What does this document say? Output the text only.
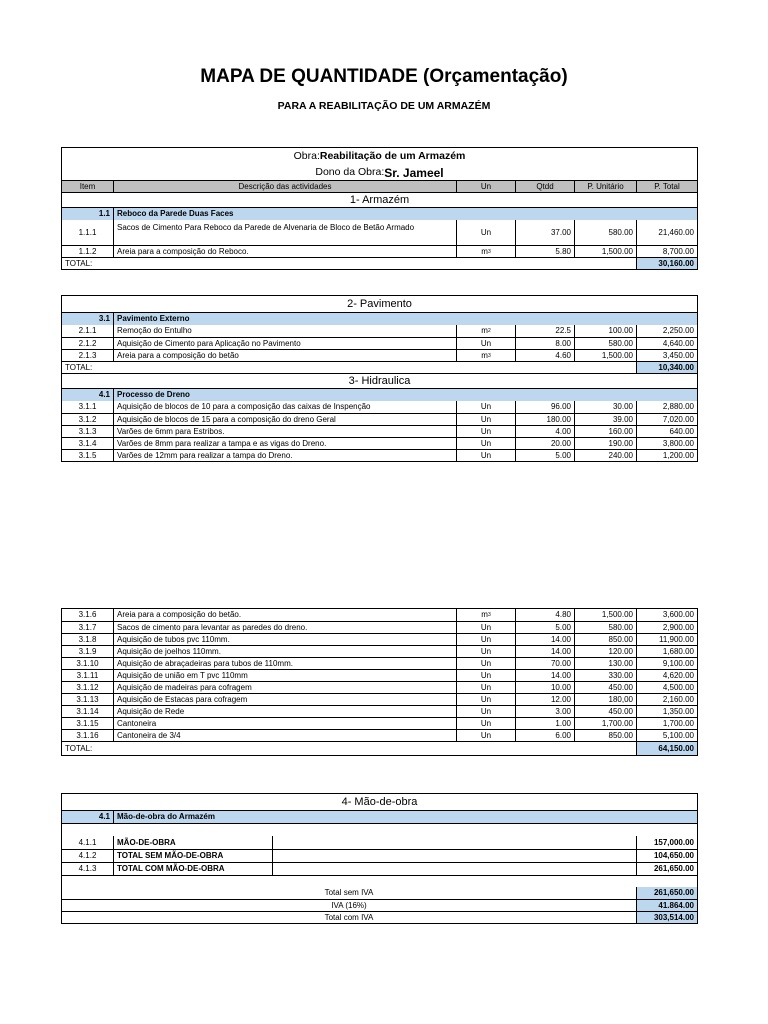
MAPA DE QUANTIDADE (Orçamentação)
PARA A REABILITAÇÃO DE UM ARMAZÉM
Obra: Reabilitação de um Armazém
Dono da Obra: Sr. Jameel
Item	Descrição das actividades	Un	Qtdd	P. Unitário	P. Total
1- Armazém
1.1 Reboco da Parede Duas Faces
1.1.1	Sacos de Cimento Para Reboco da Parede de Alvenaria de Bloco de Betão Armado	Un	37.00	580.00	21,460.00
1.1.2	Areia para a composição do Reboco.	m 3	5.80	1,500.00	8,700.00
TOTAL:	30,160.00
2- Pavimento
3.1 Pavimento Externo
2.1.1	Remoção do Entulho	m 2	22.5	100.00	2,250.00
2.1.2	Aquisição de Cimento para Aplicação no Pavimento	Un	8.00	580.00	4,640.00
2.1.3	Areia para a composição do betão	m 3	4.60	1,500.00	3,450.00
TOTAL:	10,340.00
3- Hidraulica
4.1 Processo de Dreno
3.1.1	Aquisição de blocos de 10 para a composição das caixas de Inspenção	Un	96.00	30.00	2,880.00
3.1.2	Aquisição de blocos de 15 para a composição do dreno Geral	Un	180.00	39.00	7,020.00
3.1.3	Varões de 6mm para Estribos.	Un	4.00	160.00	640.00
3.1.4	Varões de 8mm para realizar a tampa e as vigas do Dreno.	Un	20.00	190.00	3,800.00
3.1.5	Varões de 12mm para realizar a tampa do Dreno.	Un	5.00	240.00	1,200.00
3.1.6	Areia para a composição do betão.	m 3	4.80	1,500.00	3,600.00
3.1.7	Sacos de cimento para levantar as paredes do dreno.	Un	5.00	580.00	2,900.00
3.1.8	Aquisição de tubos pvc 110mm.	Un	14.00	850.00	11,900.00
3.1.9	Aquisição de joelhos 110mm.	Un	14.00	120.00	1,680.00
3.1.10	Aquisição de abraçadeiras para tubos de 110mm.	Un	70.00	130.00	9,100.00
3.1.11	Aquisição de união em T pvc 110mm	Un	14.00	330.00	4,620.00
3.1.12	Aquisição de madeiras para cofragem	Un	10.00	450.00	4,500.00
3.1.13	Aquisição de Estacas para cofragem	Un	12.00	180,00	2,160.00
3.1.14	Aquisição de Rede	Un	3.00	450.00	1,350.00
3.1.15	Cantoneira	Un	1.00	1,700.00	1,700.00
3.1.16	Cantoneira de 3/4	Un	6.00	850.00	5,100.00
TOTAL:	64,150.00
4- Mão-de-obra
4.1 Mão-de-obra do Armazém
4.1.1	MÃO-DE-OBRA	157,000.00
4.1.2	TOTAL SEM MÃO-DE-OBRA	104,650.00
4.1.3	TOTAL COM MÃO-DE-OBRA	261,650.00
Total sem IVA	261,650.00
IVA (16%)	41.864.00
Total com IVA	303,514.00
